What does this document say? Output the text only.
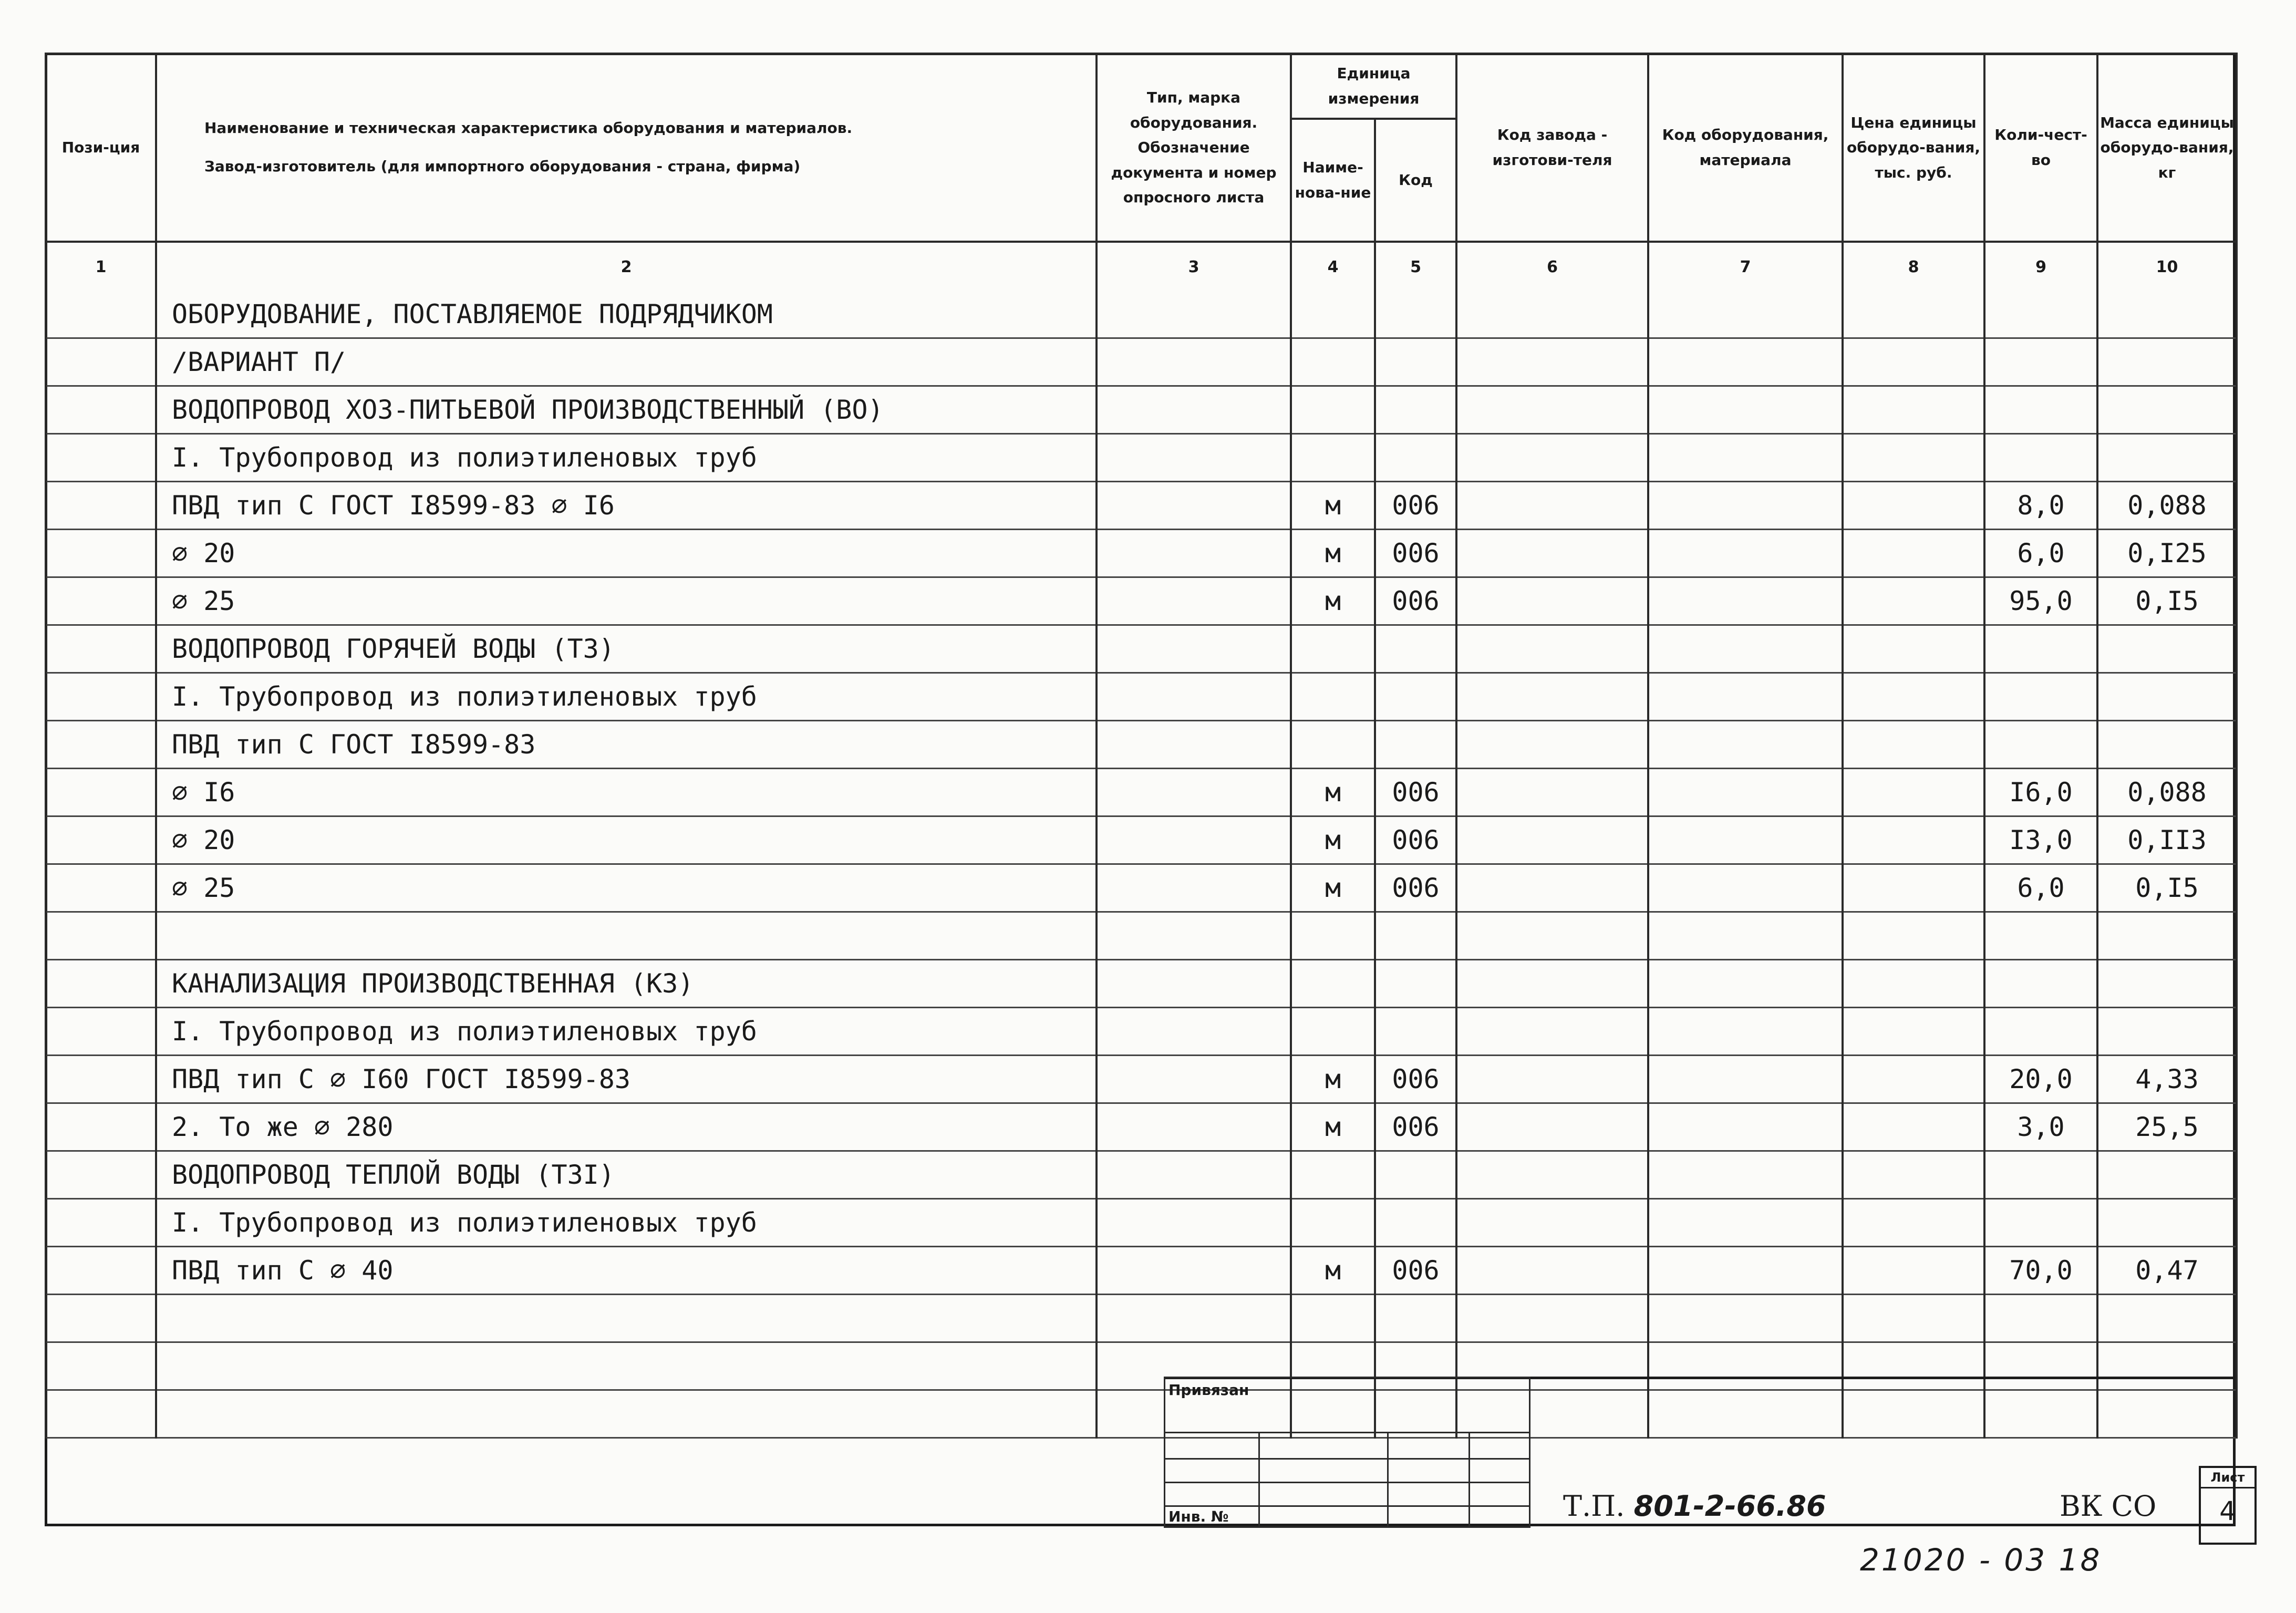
Пози-ция	Наименование и техническая характеристика оборудования и материалов.
Завод-изготовитель (для импортного оборудования - страна, фирма)	Тип, марка оборудования. Обозначение документа и номер опросного листа	Единица измерения		Код завода - изготови-теля	Код оборудования, материала	Цена единицы оборудо-вания, тыс. руб.	Коли-чест-во	Масса единицы оборудо-вания, кг
			Наиме-нова-ние	Код					
1	2	3	4	5	6	7	8	9	10
	ОБОРУДОВАНИЕ, ПОСТАВЛЯЕМОЕ ПОДРЯДЧИКОМ								
	/ВАРИАНТ П/								
	ВОДОПРОВОД ХОЗ-ПИТЬЕВОЙ ПРОИЗВОДСТВЕННЫЙ (ВО)								
	I. Трубопровод из полиэтиленовых труб								
	ПВД тип С ГОСТ I8599-83 ∅ I6		м	006				8,0	0,088
	∅ 20		м	006				6,0	0,I25
	∅ 25		м	006				95,0	0,I5
	ВОДОПРОВОД ГОРЯЧЕЙ ВОДЫ (Т3)								
	I. Трубопровод из полиэтиленовых труб								
	ПВД тип С ГОСТ I8599-83								
	∅ I6		м	006				I6,0	0,088
	∅ 20		м	006				I3,0	0,II3
	∅ 25		м	006				6,0	0,I5

	КАНАЛИЗАЦИЯ ПРОИЗВОДСТВЕННАЯ (К3)								
	I. Трубопровод из полиэтиленовых труб								
	ПВД тип С ∅ I60 ГОСТ I8599-83		м	006				20,0	4,33
	2. То же ∅ 280		м	006				3,0	25,5
	ВОДОПРОВОД ТЕПЛОЙ ВОДЫ (Т3I)								
	I. Трубопровод из полиэтиленовых труб								
	ПВД тип С ∅ 40		м	006				70,0	0,47

Привязан			

Инв. №				Т.П. 801-2-66.86	ВК СО
Лист
4
21020 - 03 18
